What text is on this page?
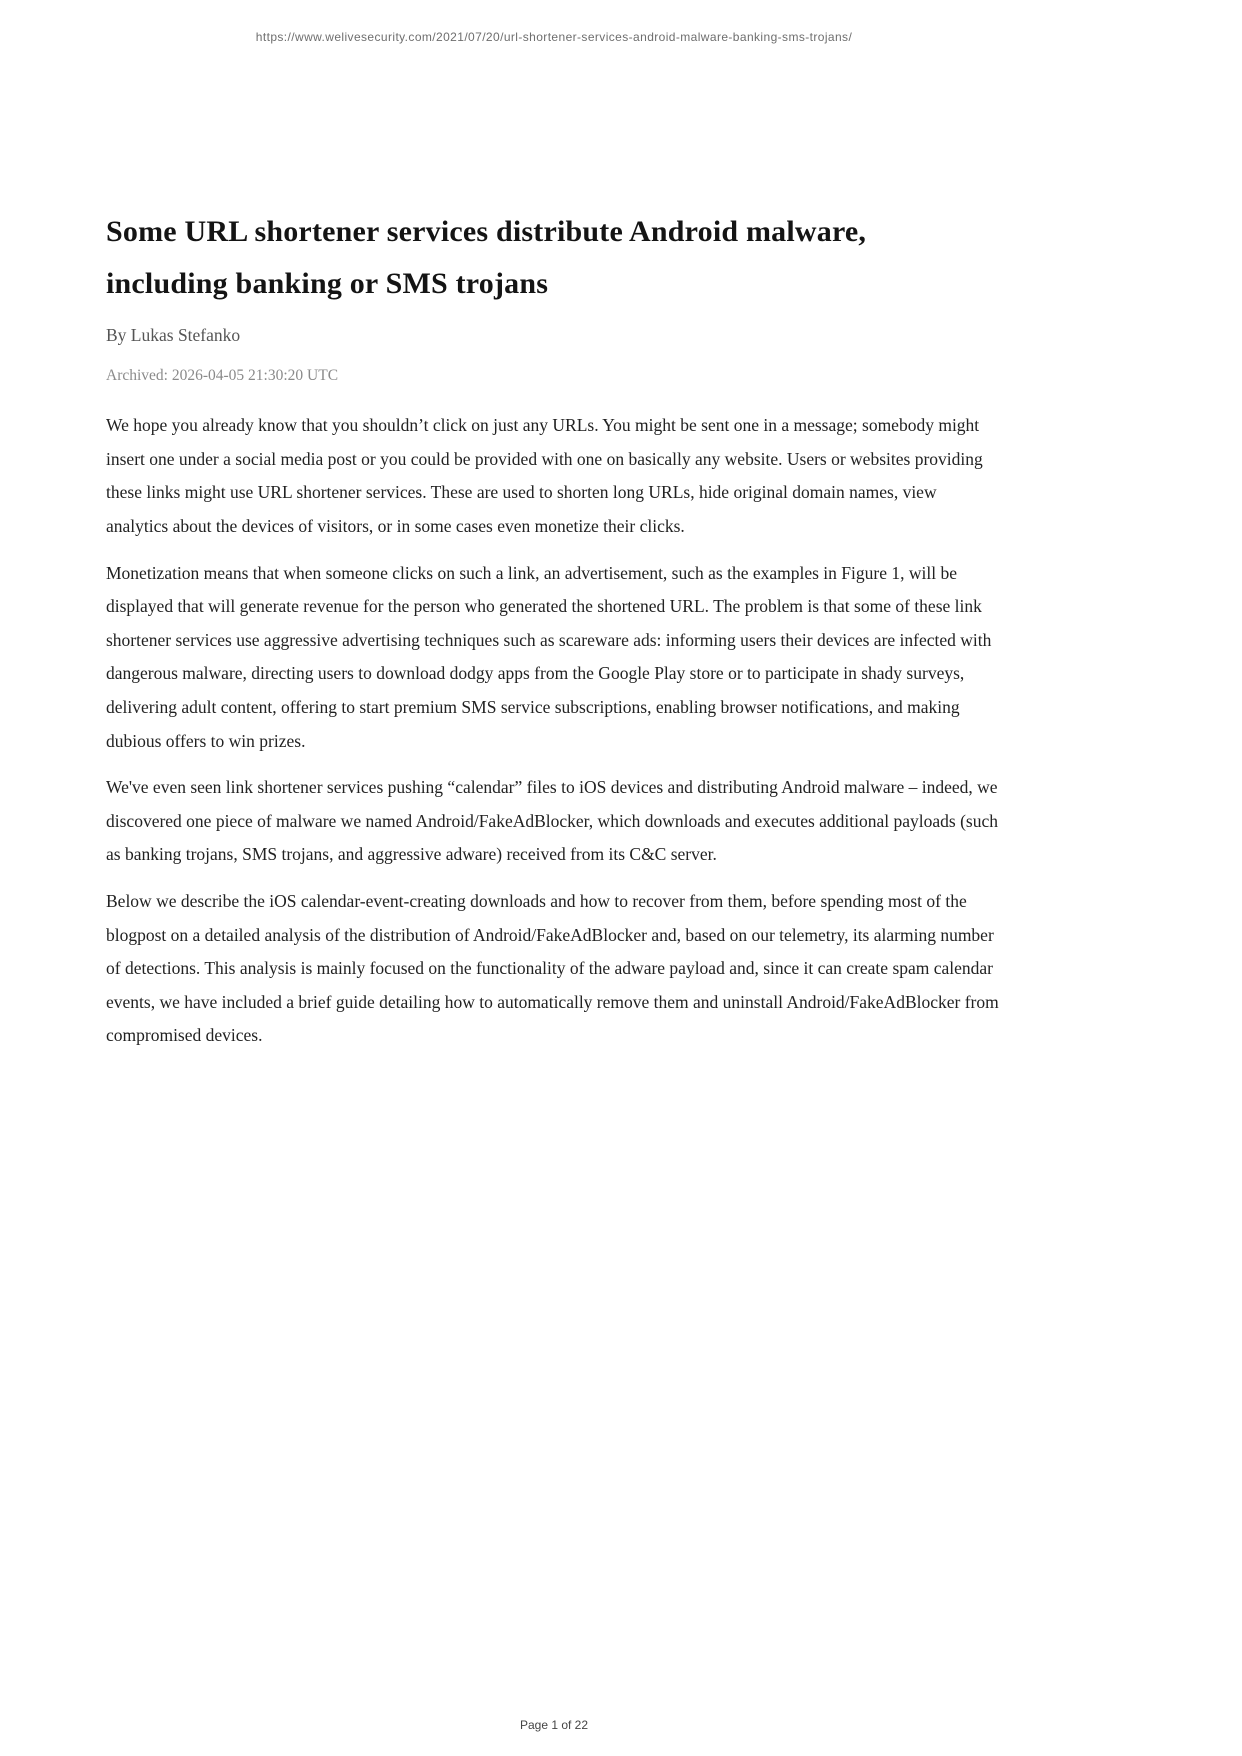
https://www.welivesecurity.com/2021/07/20/url-shortener-services-android-malware-banking-sms-trojans/
Some URL shortener services distribute Android malware,
including banking or SMS trojans
By Lukas Stefanko
Archived: 2026-04-05 21:30:20 UTC

We hope you already know that you shouldn’t click on just any URLs. You might be sent one in a message; somebody might insert one under a social media post or you could be provided with one on basically any website. Users or websites providing these links might use URL shortener services. These are used to shorten long URLs, hide original domain names, view analytics about the devices of visitors, or in some cases even monetize their clicks.

Monetization means that when someone clicks on such a link, an advertisement, such as the examples in Figure 1, will be displayed that will generate revenue for the person who generated the shortened URL. The problem is that some of these link shortener services use aggressive advertising techniques such as scareware ads: informing users their devices are infected with dangerous malware, directing users to download dodgy apps from the Google Play store or to participate in shady surveys, delivering adult content, offering to start premium SMS service subscriptions, enabling browser notifications, and making dubious offers to win prizes.

We've even seen link shortener services pushing “calendar” files to iOS devices and distributing Android malware – indeed, we discovered one piece of malware we named Android/FakeAdBlocker, which downloads and executes additional payloads (such as banking trojans, SMS trojans, and aggressive adware) received from its C&C server.

Below we describe the iOS calendar-event-creating downloads and how to recover from them, before spending most of the blogpost on a detailed analysis of the distribution of Android/FakeAdBlocker and, based on our telemetry, its alarming number of detections. This analysis is mainly focused on the functionality of the adware payload and, since it can create spam calendar events, we have included a brief guide detailing how to automatically remove them and uninstall Android/FakeAdBlocker from compromised devices.

Page 1 of 22
